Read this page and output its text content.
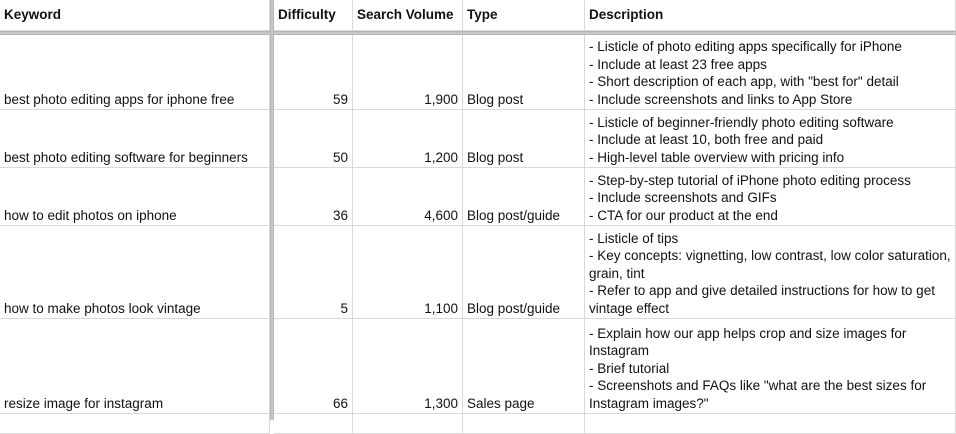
Keyword	Difficulty	Search Volume Type	Description
best photo editing apps for iphone free	59	1,900 Blog post
- Listicle of photo editing apps specifically for iPhone
- Include at least 23 free apps
- Short description of each app, with "best for" detail
- Include screenshots and links to App Store
best photo editing software for beginners	50	1,200 Blog post
- Listicle of beginner-friendly photo editing software
- Include at least 10, both free and paid
- High-level table overview with pricing info
how to edit photos on iphone	36	4,600 Blog post/guide
- Step-by-step tutorial of iPhone photo editing process
- Include screenshots and GIFs
- CTA for our product at the end
how to make photos look vintage	5	1,100 Blog post/guide
- Listicle of tips
- Key concepts: vignetting, low contrast, low color saturation, grain, tint
- Refer to app and give detailed instructions for how to get vintage effect
resize image for instagram	66	1,300 Sales page
- Explain how our app helps crop and size images for Instagram
- Brief tutorial
- Screenshots and FAQs like "what are the best sizes for Instagram images?"
